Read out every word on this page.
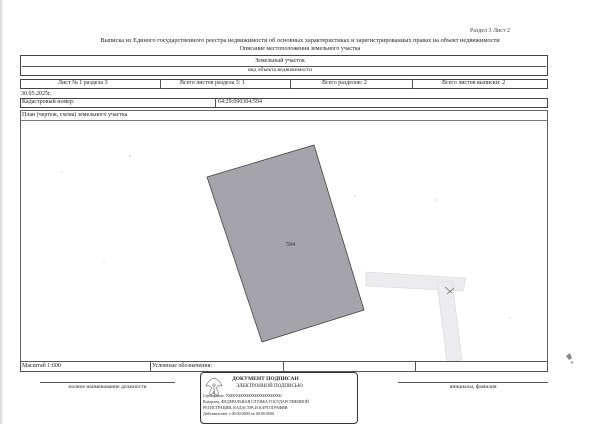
Раздел 3 Лист 2
Выписка из Единого государственного реестра недвижимости об основных характеристиках и зарегистрированных правах на объект недвижимости
Описание местоположения земельного участка
Земельный участок
вид объекта недвижимости
Лист № 1 раздела 3	Всего листов раздела 3: 1	Всего разделов: 2	Всего листов выписки: 2
30.05.2025г.
Кадастровый номер:	64:29:090304:594
План (чертеж, схема) земельного участка
594
Масштаб 1:600	Условные обозначения:
полное наименование должности	инициалы, фамилия
ДОКУМЕНТ ПОДПИСАН
ЭЛЕКТРОННОЙ ПОДПИСЬЮ
Сертификат: 7000010000000000000000000000
Владелец: ФЕДЕРАЛЬНАЯ СЛУЖБА ГОСУДАРСТВЕННОЙ
РЕГИСТРАЦИИ, КАДАСТРА И КАРТОГРАФИИ
Действителен: с 00.00.0000 по 00.00.0000
